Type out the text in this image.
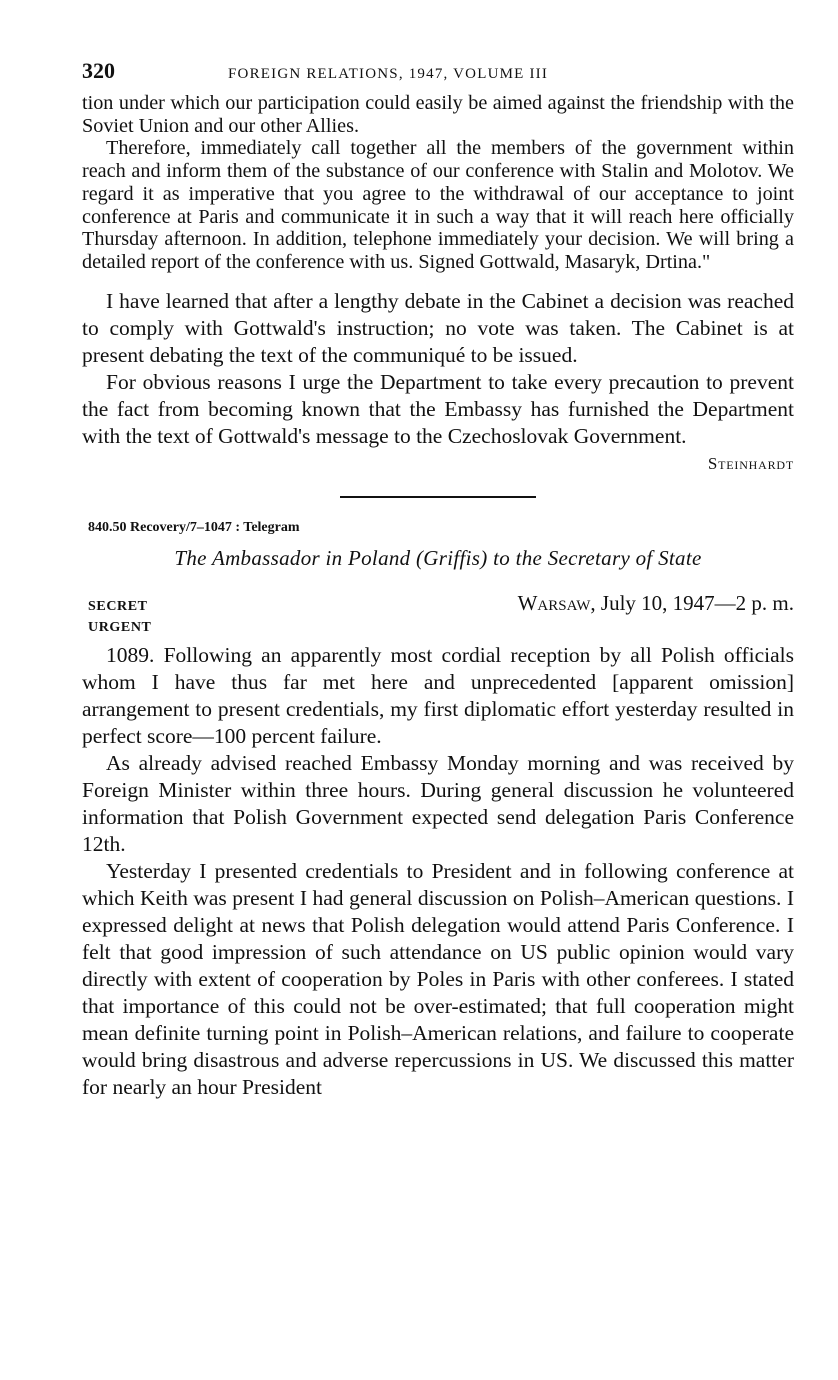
320	FOREIGN RELATIONS, 1947, VOLUME III

tion under which our participation could easily be aimed against the friendship with the Soviet Union and our other Allies.

Therefore, immediately call together all the members of the government within reach and inform them of the substance of our conference with Stalin and Molotov. We regard it as imperative that you agree to the withdrawal of our acceptance to joint conference at Paris and communicate it in such a way that it will reach here officially Thursday afternoon. In addition, telephone immediately your decision. We will bring a detailed report of the conference with us. Signed Gottwald, Masaryk, Drtina."

I have learned that after a lengthy debate in the Cabinet a decision was reached to comply with Gottwald's instruction; no vote was taken. The Cabinet is at present debating the text of the communiqué to be issued.

For obvious reasons I urge the Department to take every precaution to prevent the fact from becoming known that the Embassy has furnished the Department with the text of Gottwald's message to the Czechoslovak Government.

Steinhardt
840.50 Recovery/7–1047 : Telegram
The Ambassador in Poland (Griffis) to the Secretary of State
SECRET	Warsaw, July 10, 1947—2 p. m.
URGENT

1089. Following an apparently most cordial reception by all Polish officials whom I have thus far met here and unprecedented [apparent omission] arrangement to present credentials, my first diplomatic effort yesterday resulted in perfect score—100 percent failure.

As already advised reached Embassy Monday morning and was received by Foreign Minister within three hours. During general discussion he volunteered information that Polish Government expected send delegation Paris Conference 12th.

Yesterday I presented credentials to President and in following conference at which Keith was present I had general discussion on Polish–American questions. I expressed delight at news that Polish delegation would attend Paris Conference. I felt that good impression of such attendance on US public opinion would vary directly with extent of cooperation by Poles in Paris with other conferees. I stated that importance of this could not be over-estimated; that full cooperation might mean definite turning point in Polish–American relations, and failure to cooperate would bring disastrous and adverse repercussions in US. We discussed this matter for nearly an hour President
